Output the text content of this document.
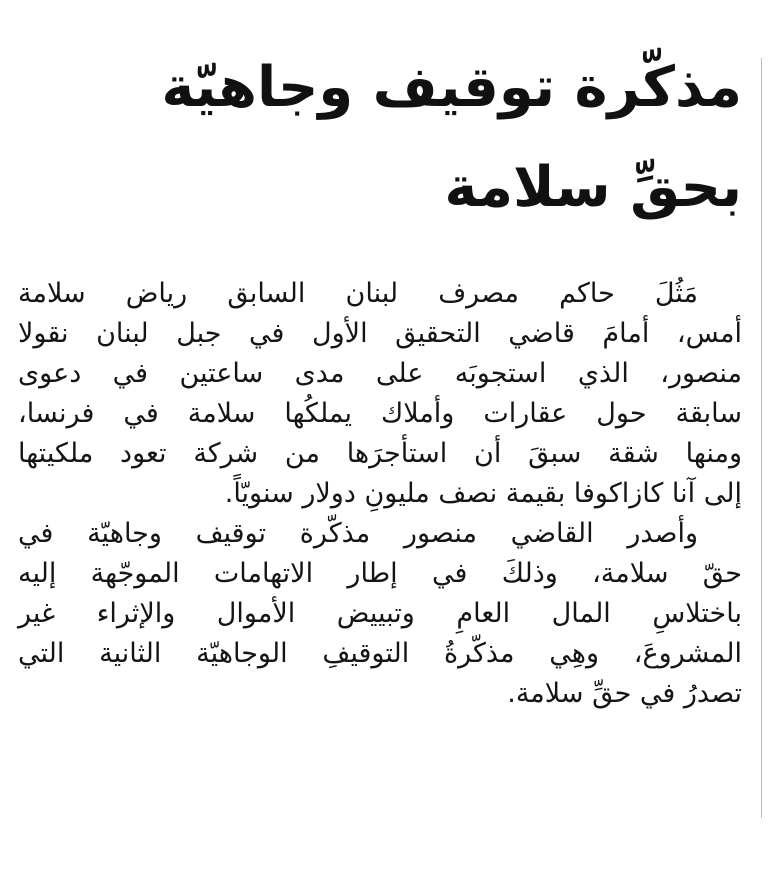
مذكّرة توقيف وجاهيّة
بحقِّ سلامة

مَثُلَ حاكم مصرف لبنان السابق رياض سلامة
أمس، أمامَ قاضي التحقيق الأول في جبل لبنان نقولا
منصور، الذي استجوبَه على مدى ساعتين في دعوى
سابقة حول عقارات وأملاك يملكُها سلامة في فرنسا،
ومنها شقة سبقَ أن استأجرَها من شركة تعود ملكيتها
إلى آنا كازاكوفا بقيمة نصف مليونِ دولار سنويّاً.

وأصدر القاضي منصور مذكّرة توقيف وجاهيّة في
حقّ سلامة، وذلكَ في إطار الاتهامات الموجّهة إليه
باختلاسِ المال العامِ وتبييض الأموال والإثراء غير
المشروعَ، وهِي مذكّرةُ التوقيفِ الوجاهيّة الثانية التي
تصدرُ في حقِّ سلامة.
